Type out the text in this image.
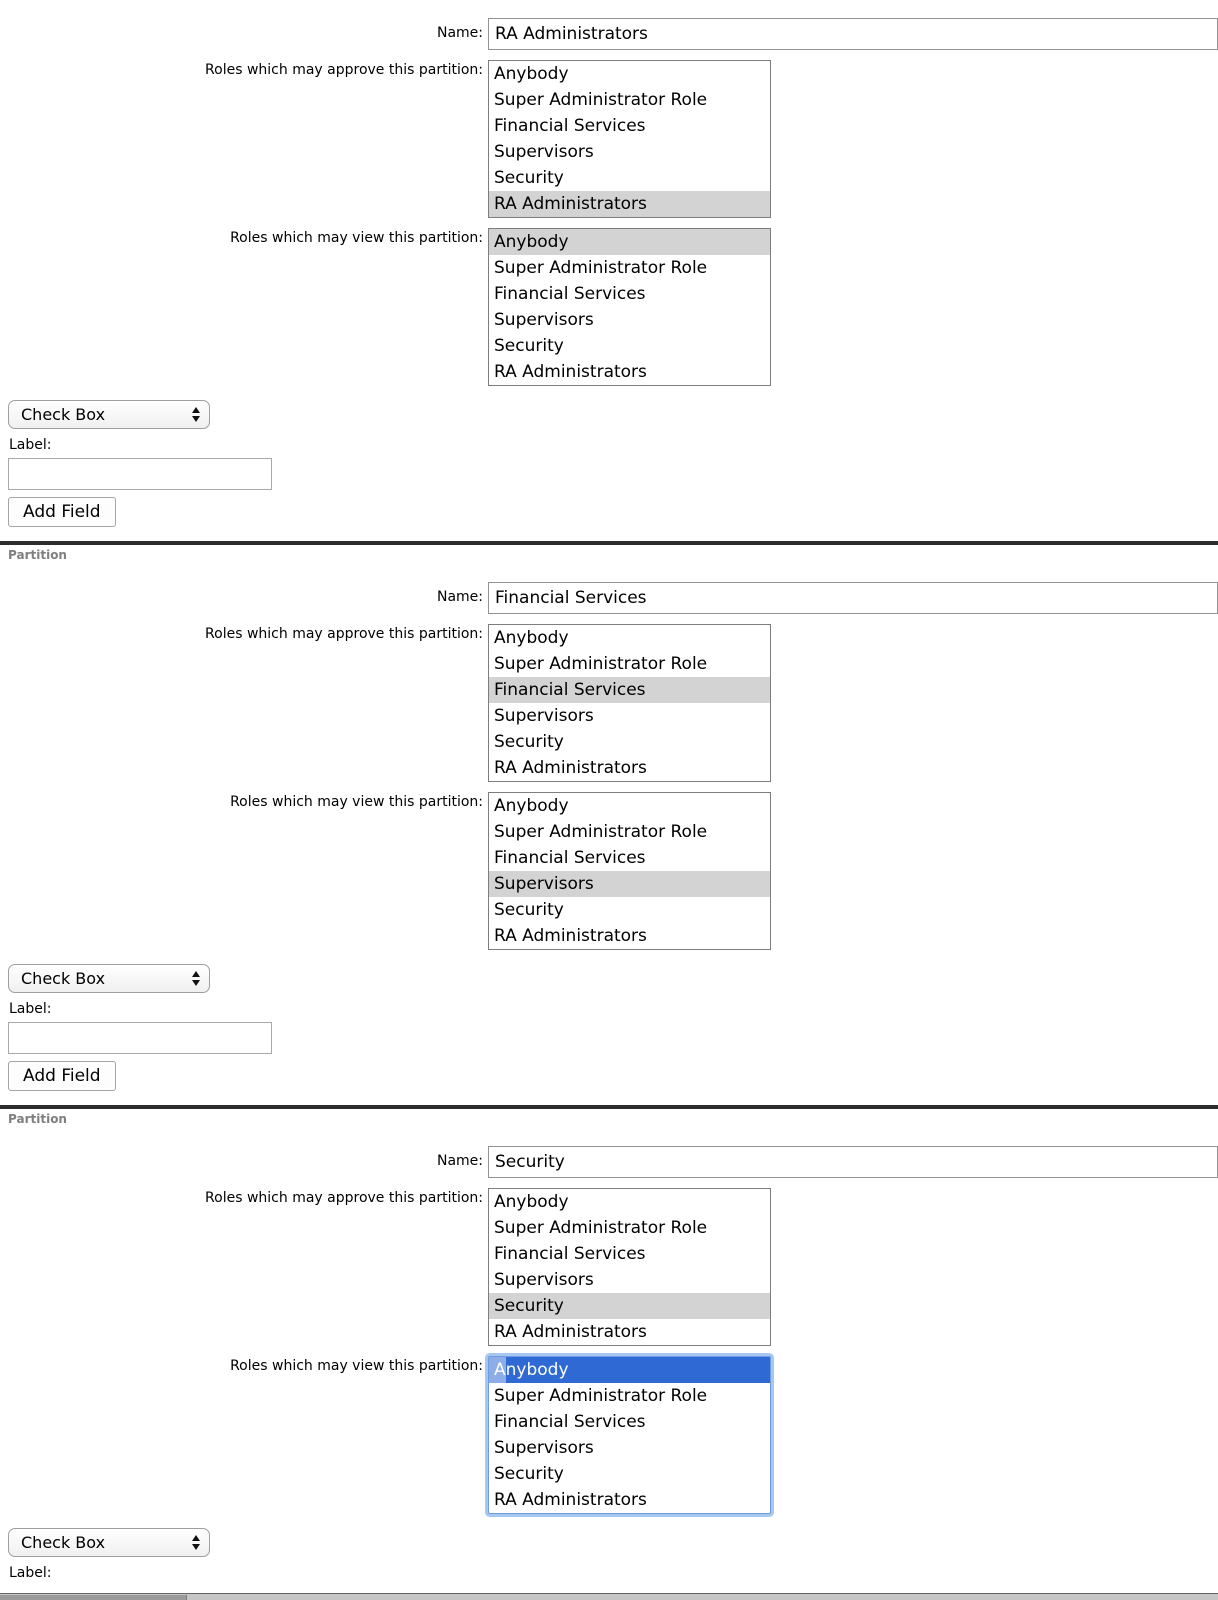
Name:
RA Administrators
Roles which may approve this partition: Anybody
Super Administrator Role
Financial Services
Supervisors
Security
RA Administrators
Roles which may view this partition: Anybody
Super Administrator Role
Financial Services
Supervisors
Security
RA Administrators
Check Box
Label:
Add Field
Partition
Name:
Financial Services
Roles which may approve this partition: Anybody
Super Administrator Role
Financial Services
Supervisors
Security
RA Administrators
Roles which may view this partition: Anybody
Super Administrator Role
Financial Services
Supervisors
Security
RA Administrators
Check Box
Label:
Add Field
Partition
Name:
Security
Roles which may approve this partition: Anybody
Super Administrator Role
Financial Services
Supervisors
Security
RA Administrators
Roles which may view this partition: Anybody
Super Administrator Role
Financial Services
Supervisors
Security
RA Administrators
Check Box
Label:
